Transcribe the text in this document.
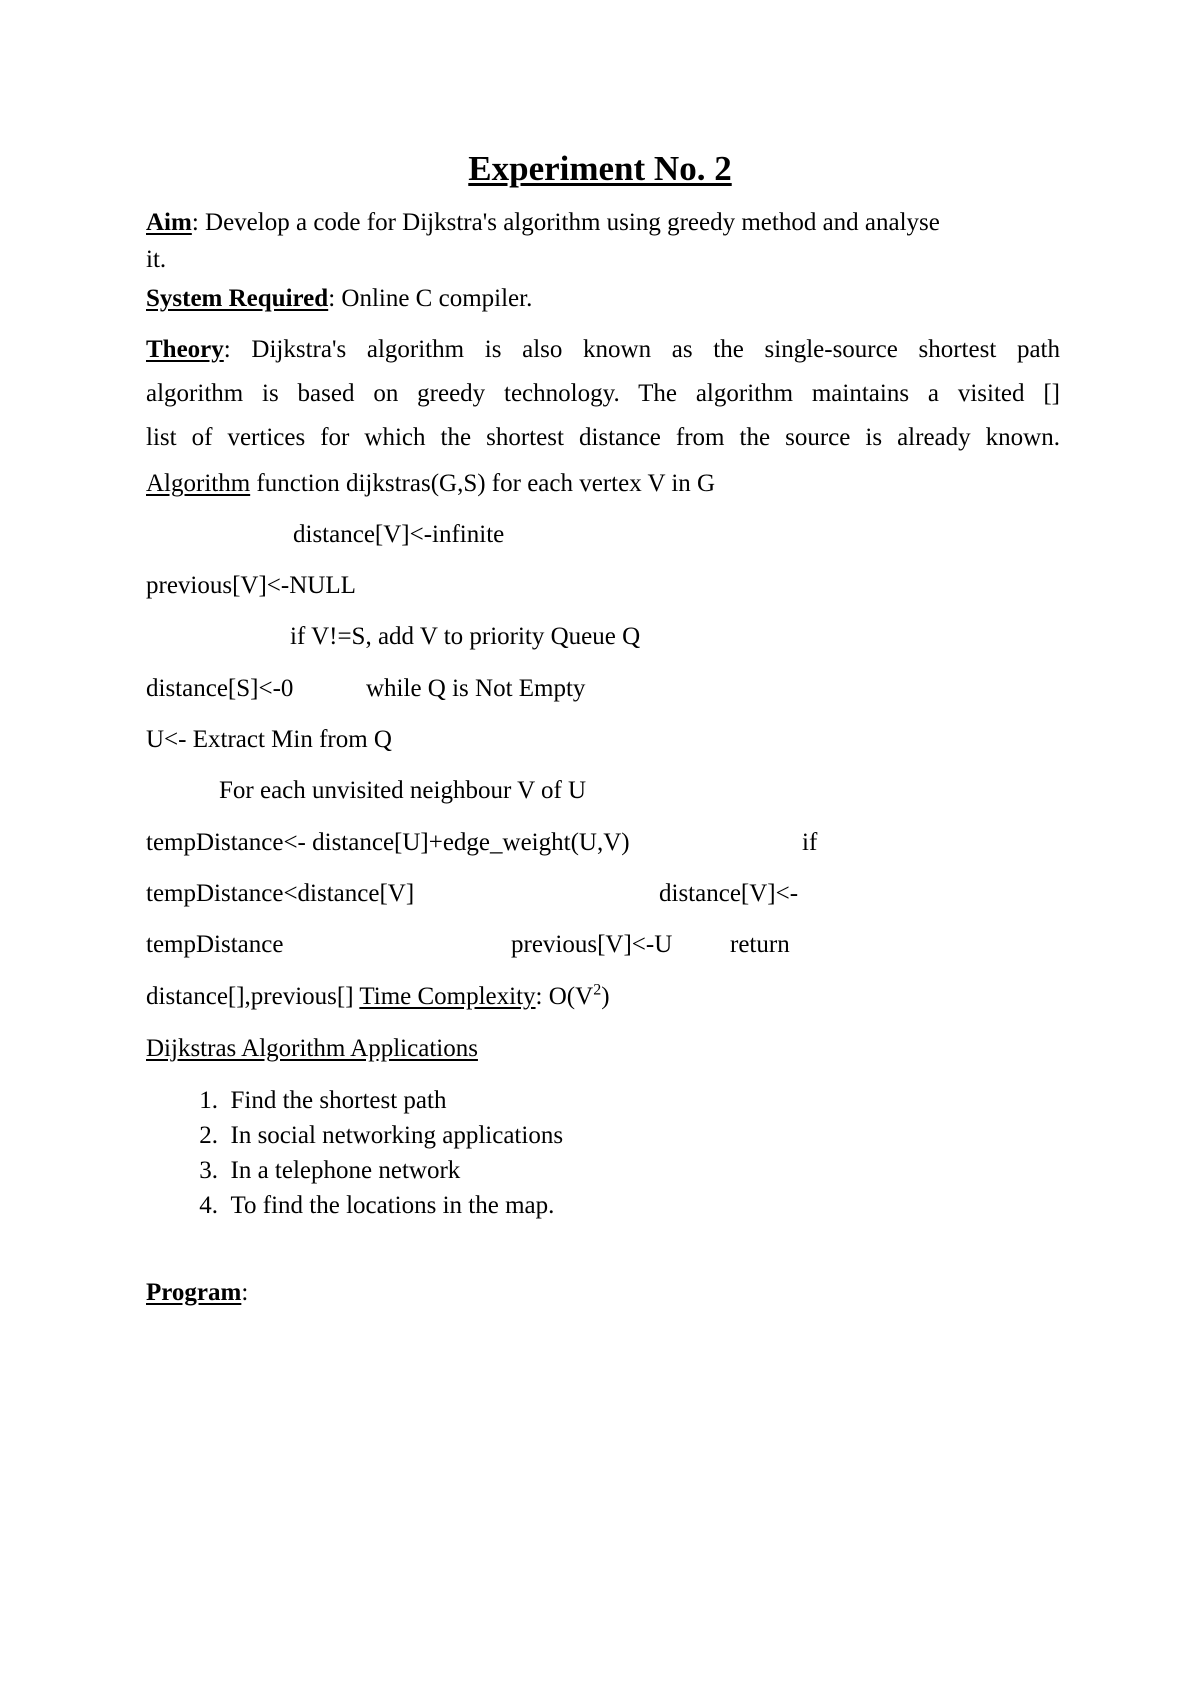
Experiment No. 2
Aim: Develop a code for Dijkstra's algorithm using greedy method and analyse
it.
System Required: Online C compiler.
Theory: Dijkstra's algorithm is also known as the single-source shortest path
algorithm is based on greedy technology. The algorithm maintains a visited []
list of vertices for which the shortest distance from the source is already known.
Algorithm function dijkstras(G,S) for each vertex V in G
distance[V]<-infinite
previous[V]<-NULL
if V!=S, add V to priority Queue Q
distance[S]<-0	while Q is Not Empty
U<- Extract Min from Q
For each unvisited neighbour V of U
tempDistance<- distance[U]+edge_weight(U,V)	if
tempDistance<distance[V]	distance[V]<-
tempDistance	previous[V]<-U return
distance[],previous[] Time Complexity: $O(V^2)$
Dijkstras Algorithm Applications
1. Find the shortest path
2. In social networking applications
3. In a telephone network
4. To find the locations in the map.
Program:
